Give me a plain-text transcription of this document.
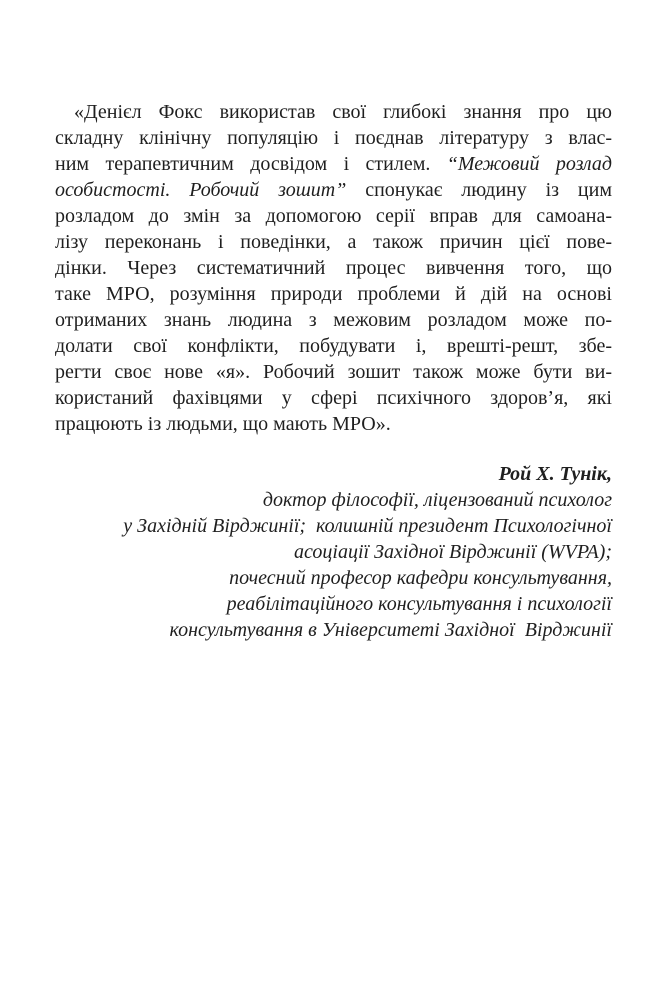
«Денієл Фокс використав свої глибокі знання про цю
складну клінічну популяцію і поєднав літературу з влас-
ним терапевтичним досвідом і стилем. “Межовий розлад
особистості. Робочий зошит” спонукає людину із цим
розладом до змін за допомогою серії вправ для самоана-
лізу переконань і поведінки, а також причин цієї пове-
дінки. Через систематичний процес вивчення того, що
таке МРО, розуміння природи проблеми й дій на основі
отриманих знань людина з межовим розладом може по-
долати свої конфлікти, побудувати і, врешті-решт, збе-
регти своє нове «я». Робочий зошит також може бути ви-
користаний фахівцями у сфері психічного здоров’я, які
працюють із людьми, що мають МРО».
Рой Х. Тунік,
доктор філософії, ліцензований психолог
у Західній Вірджинії;  колишній президент Психологічної
асоціації Західної Вірджинії (WVPA);
почесний професор кафедри консультування,
реабілітаційного консультування і психології
консультування в Університеті Західної  Вірджинії
